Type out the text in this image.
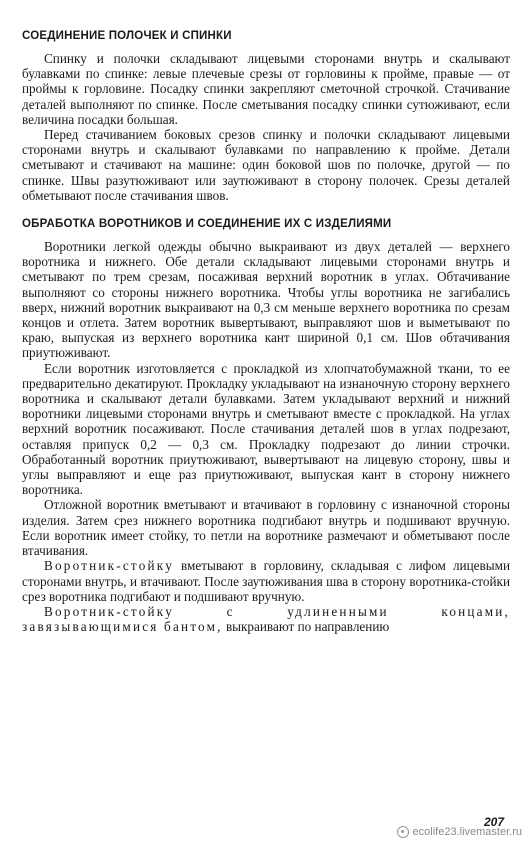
СОЕДИНЕНИЕ ПОЛОЧЕК И СПИНКИ

Спинку и полочки складывают лицевыми сторонами внутрь и скалывают булавками по спинке: левые плечевые срезы от горловины к пройме, правые — от проймы к горловине. Посадку спинки закрепляют сметочной строчкой. Стачивание деталей выполняют по спинке. После сметывания посадку спинки сутюживают, если величина посадки большая.

Перед стачиванием боковых срезов спинку и полочки складывают лицевыми сторонами внутрь и скалывают булавками по направлению к пройме. Детали сметывают и стачивают на машине: один боковой шов по полочке, другой — по спинке. Швы разутюживают или заутюживают в сторону полочек. Срезы деталей обметывают после стачивания швов.

ОБРАБОТКА ВОРОТНИКОВ И СОЕДИНЕНИЕ ИХ С ИЗДЕЛИЯМИ

Воротники легкой одежды обычно выкраивают из двух деталей — верхнего воротника и нижнего. Обе детали складывают лицевыми сторонами внутрь и сметывают по трем срезам, посаживая верхний воротник в углах. Обтачивание выполняют со стороны нижнего воротника. Чтобы углы воротника не загибались вверх, нижний воротник выкраивают на 0,3 см меньше верхнего воротника по срезам концов и отлета. Затем воротник вывертывают, выправляют шов и выметывают по краю, выпуская из верхнего воротника кант шириной 0,1 см. Шов обтачивания приутюживают.

Если воротник изготовляется с прокладкой из хлопчатобумажной ткани, то ее предварительно декатируют. Прокладку укладывают на изнаночную сторону верхнего воротника и скалывают детали булавками. Затем укладывают верхний и нижний воротники лицевыми сторонами внутрь и сметывают вместе с прокладкой. На углах верхний воротник посаживают. После стачивания деталей шов в углах подрезают, оставляя припуск 0,2 — 0,3 см. Прокладку подрезают до линии строчки. Обработанный воротник приутюживают, вывертывают на лицевую сторону, швы и углы выправляют и еще раз приутюживают, выпуская кант в сторону нижнего воротника.

Отложной воротник вметывают и втачивают в горловину с изнаночной стороны изделия. Затем срез нижнего воротника подгибают внутрь и подшивают вручную. Если воротник имеет стойку, то петли на воротнике размечают и обметывают после втачивания.

Воротник-стойку вметывают в горловину, складывая с лифом лицевыми сторонами внутрь, и втачивают. После заутюживания шва в сторону воротника-стойки срез воротника подгибают и подшивают вручную.

Воротник-стойку с удлиненными концами, завязывающимися бантом, выкраивают по направлению

207
ecolife23.livemaster.ru
